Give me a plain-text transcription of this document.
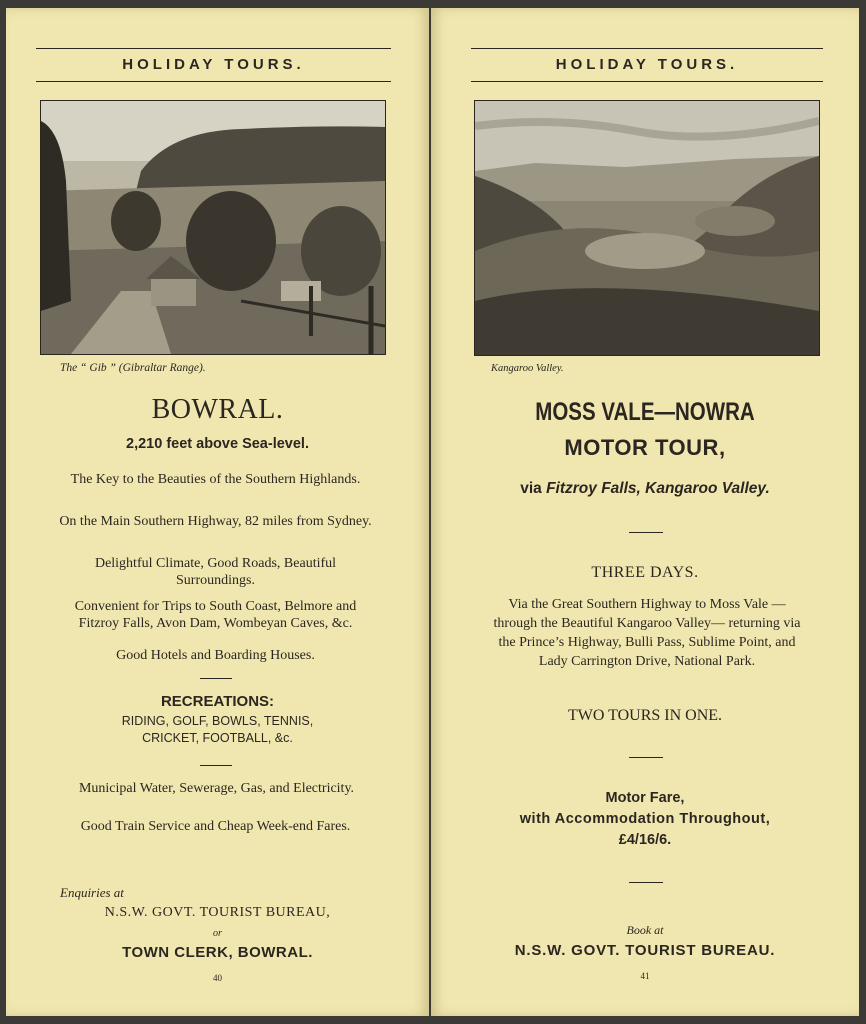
HOLIDAY TOURS.
The “ Gib ” (Gibraltar Range).
BOWRAL.
2,210 feet above Sea-level.
The Key to the Beauties of the Southern Highlands.
On the Main Southern Highway, 82 miles from Sydney.
Delightful Climate, Good Roads, Beautiful Surroundings.
Convenient for Trips to South Coast, Belmore and Fitzroy Falls, Avon Dam, Wombeyan Caves, &c.
Good Hotels and Boarding Houses.
RECREATIONS:
RIDING, GOLF, BOWLS, TENNIS,
CRICKET, FOOTBALL, &c.
Municipal Water, Sewerage, Gas, and Electricity.
Good Train Service and Cheap Week-end Fares.
Enquiries at
N.S.W. GOVT. TOURIST BUREAU,
or
TOWN CLERK, BOWRAL.
40
HOLIDAY TOURS.
Kangaroo Valley.
MOSS VALE—NOWRA
MOTOR TOUR,
via Fitzroy Falls, Kangaroo Valley.
THREE DAYS.
Via the Great Southern Highway to Moss Vale —through the Beautiful Kangaroo Valley— returning via the Prince’s Highway, Bulli Pass, Sublime Point, and Lady Carrington Drive, National Park.
TWO TOURS IN ONE.
Motor Fare,
with Accommodation Throughout,
£4/16/6.
Book at
N.S.W. GOVT. TOURIST BUREAU.
41
